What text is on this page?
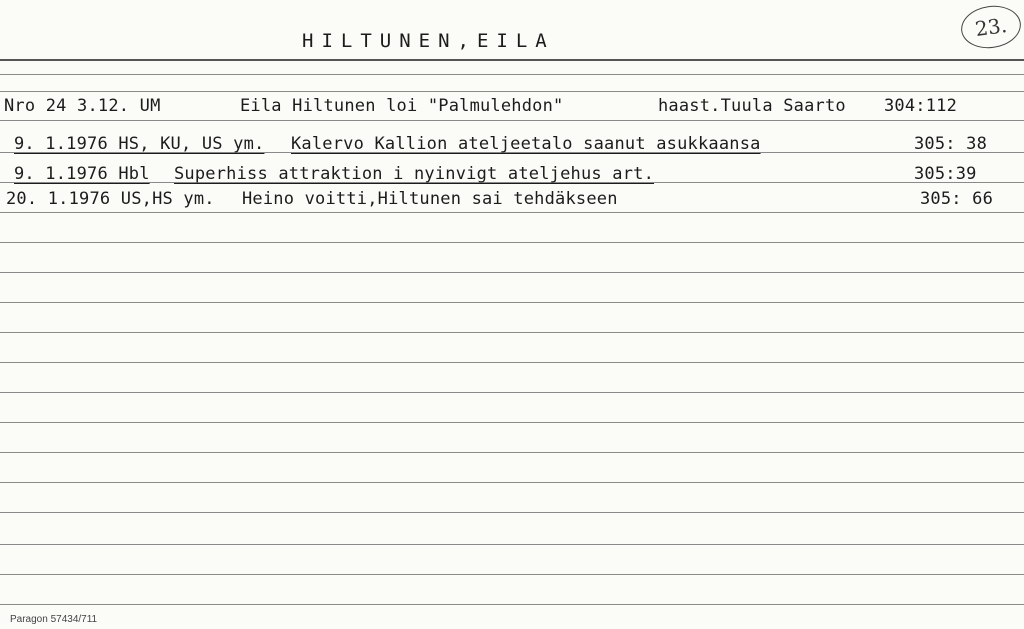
HILTUNEN,EILA	23.
Nro 24 3.12. UM	Eila Hiltunen loi "Palmulehdon"	haast.Tuula Saarto 304:112
9. 1.1976 HS, KU, US ym. Kalervo Kallion ateljeetalo saanut asukkaansa	305: 38
9. 1.1976 Hbl Superhiss attraktion i nyinvigt ateljehus art.	305:39
20. 1.1976 US,HS ym. Heino voitti,Hiltunen sai tehdäkseen	305: 66
Paragon 57434/711
